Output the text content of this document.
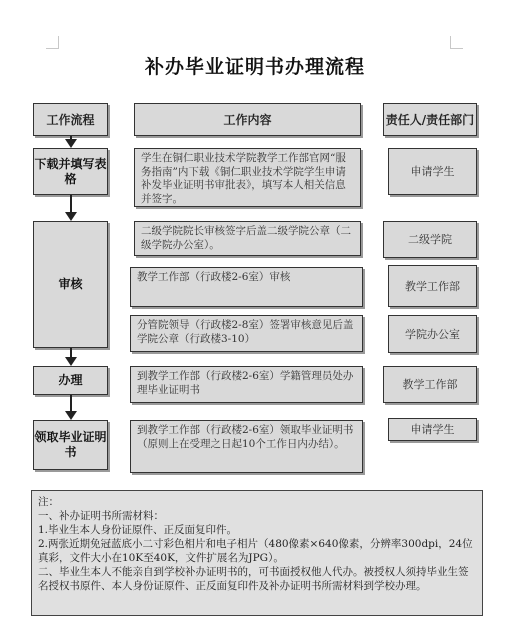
补办毕业证明书办理流程
工作流程	工作内容	责任人/责任部门
下载并填写表格
审核
办理
领取毕业证明书
学生在铜仁职业技术学院教学工作部官网“服务指南”内下载《铜仁职业技术学院学生申请补发毕业证明书审批表》，填写本人相关信息并签字。
二级学院院长审核签字后盖二级学院公章（二级学院办公室）。
教学工作部（行政楼2-6室）审核
分管院领导（行政楼2-8室）签署审核意见后盖学院公章（行政楼3-10）
到教学工作部（行政楼2-6室）学籍管理员处办理毕业证明书
到教学工作部（行政楼2-6室）领取毕业证明书（原则上在受理之日起10个工作日内办结）。
申请学生
二级学院
教学工作部
学院办公室
教学工作部
申请学生
注：
一、补办证明书所需材料：
1.毕业生本人身份证原件、正反面复印件。
2.两张近期免冠蓝底小二寸彩色相片和电子相片（480像素×640像素，分辨率300dpi，24位真彩，文件大小在10K至40K，文件扩展名为JPG）。
二、毕业生本人不能亲自到学校补办证明书的，可书面授权他人代办。被授权人须持毕业生签名授权书原件、本人身份证原件、正反面复印件及补办证明书所需材料到学校办理。
